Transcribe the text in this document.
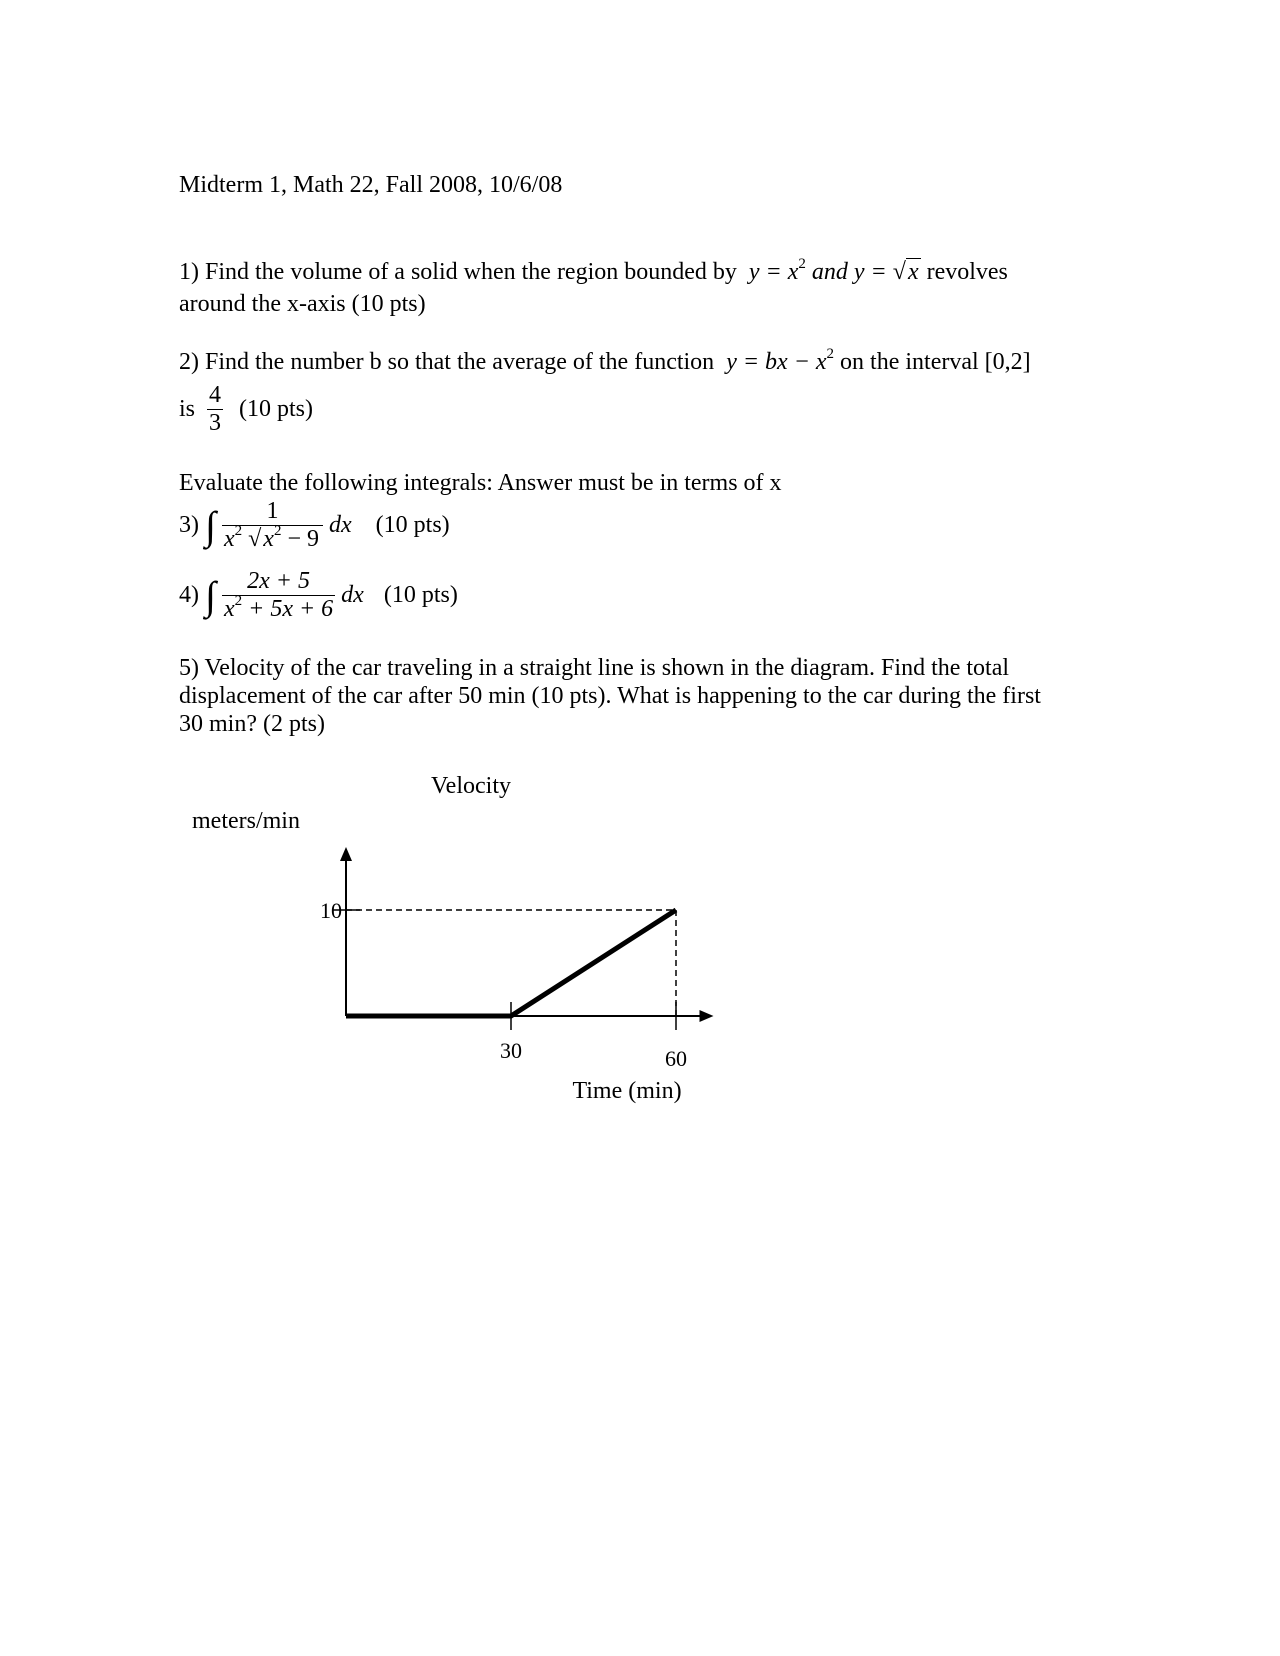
Midterm 1, Math 22, Fall 2008, 10/6/08
1) Find the volume of a solid when the region bounded by $y = x^2$ and y = √x revolves
around the x-axis (10 pts)
2) Find the number b so that the average of the function y = bx − $x^2$ on the interval [0,2]
is $\frac{4}{3} (10$ pts)
Evaluate the following integrals: Answer must be in terms of x
3) ∫ $\frac{1}{x^2 √x^2 - 9}$ dx (10 pts)
4) ∫ $\frac{2x + 5}{x^2 + 5x + 6}$ dx (10 pts)
5) Velocity of the car traveling in a straight line is shown in the diagram. Find the total
displacement of the car after 50 min (10 pts). What is happening to the car during the first
30 min? (2 pts)
10
30	60
Velocity
meters/min
Time (min)
